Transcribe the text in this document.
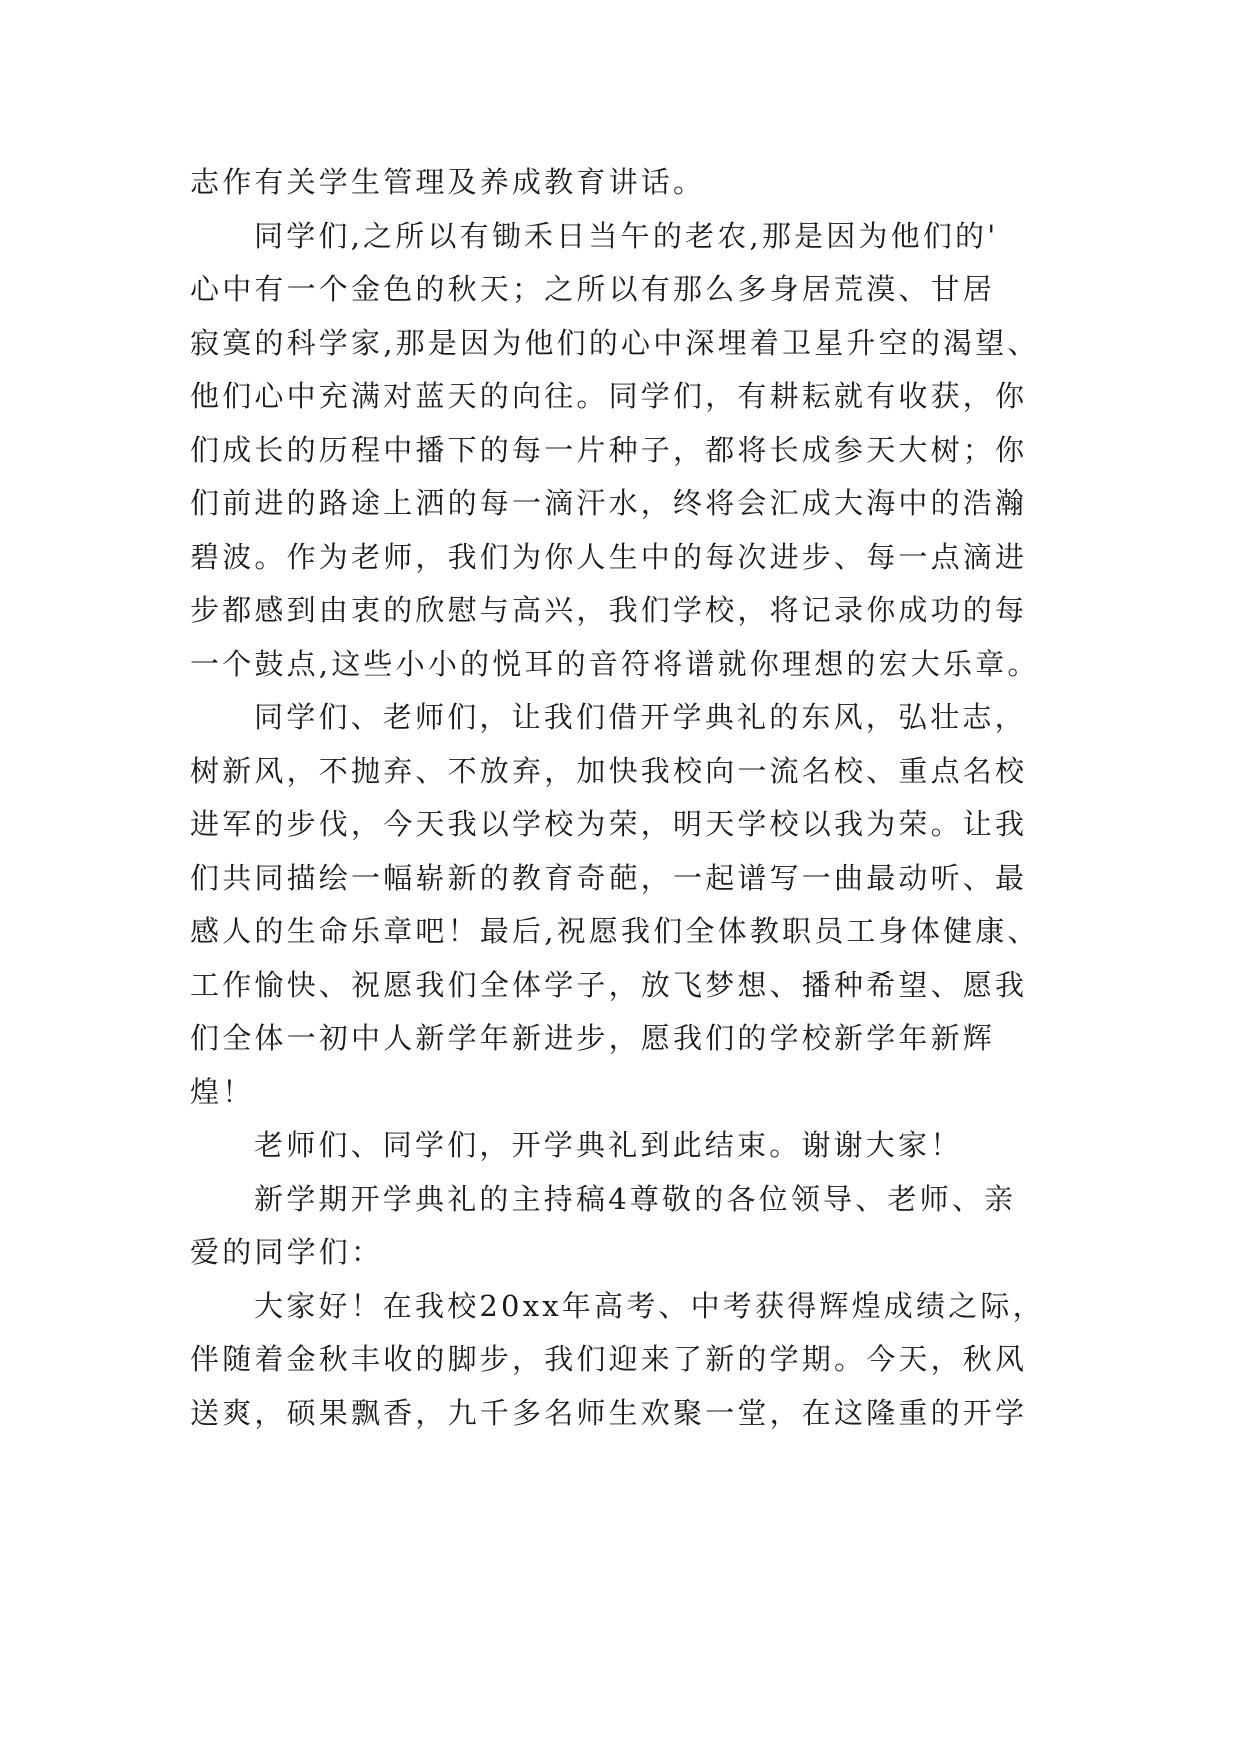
志作有关学生管理及养成教育讲话。
同学们,之所以有锄禾日当午的老农,那是因为他们的'
心中有一个金色的秋天；之所以有那么多身居荒漠、甘居
寂寞的科学家,那是因为他们的心中深埋着卫星升空的渴望、
他们心中充满对蓝天的向往。同学们，有耕耘就有收获，你
们成长的历程中播下的每一片种子，都将长成参天大树；你
们前进的路途上洒的每一滴汗水，终将会汇成大海中的浩瀚
碧波。作为老师，我们为你人生中的每次进步、每一点滴进
步都感到由衷的欣慰与高兴，我们学校，将记录你成功的每
一个鼓点,这些小小的悦耳的音符将谱就你理想的宏大乐章。
同学们、老师们，让我们借开学典礼的东风，弘壮志，
树新风，不抛弃、不放弃，加快我校向一流名校、重点名校
进军的步伐，今天我以学校为荣，明天学校以我为荣。让我
们共同描绘一幅崭新的教育奇葩，一起谱写一曲最动听、最
感人的生命乐章吧！最后,祝愿我们全体教职员工身体健康、
工作愉快、祝愿我们全体学子，放飞梦想、播种希望、愿我
们全体一初中人新学年新进步，愿我们的学校新学年新辉
煌！
老师们、同学们，开学典礼到此结束。谢谢大家！
新学期开学典礼的主持稿4尊敬的各位领导、老师、亲
爱的同学们：
大家好！在我校20xx年高考、中考获得辉煌成绩之际，
伴随着金秋丰收的脚步，我们迎来了新的学期。今天，秋风
送爽，硕果飘香，九千多名师生欢聚一堂，在这隆重的开学
